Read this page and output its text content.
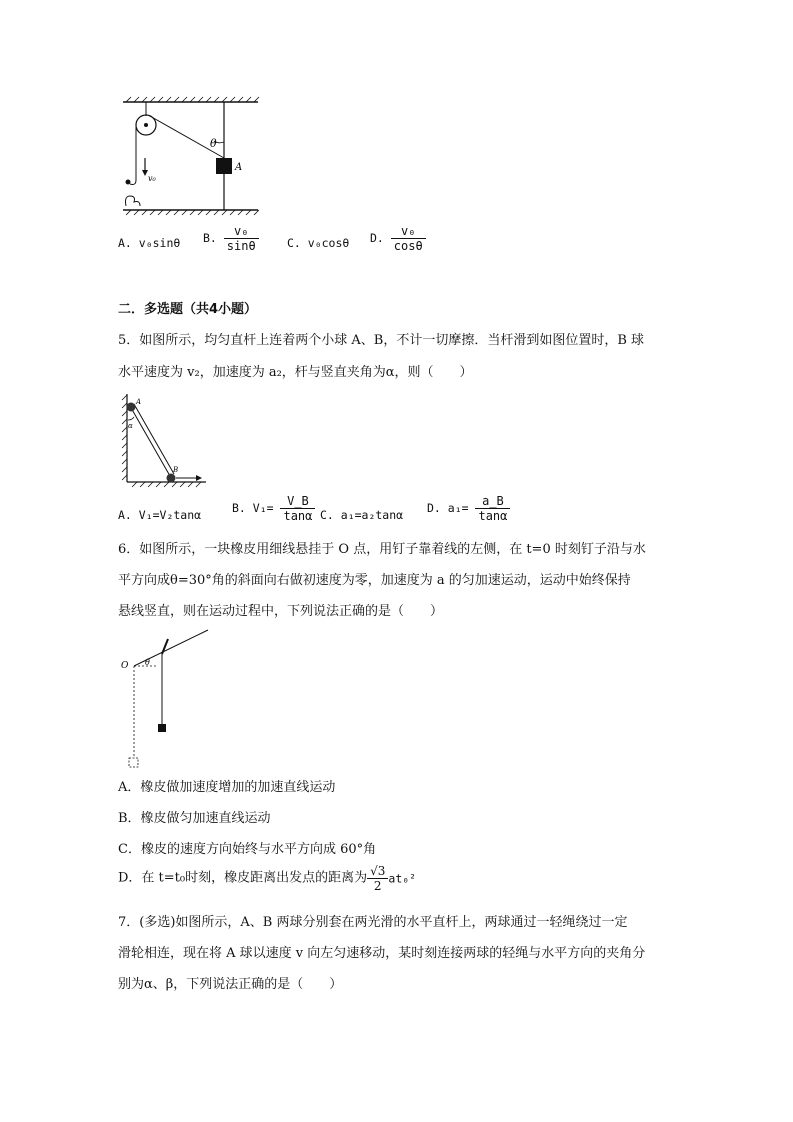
v₀
θ
A
A. v₀sinθ B. $\frac{\text{v₀}}{\sin\theta} C$. v₀cosθ D. $\frac{\text{v₀}}{\cos\theta}$
二．多选题（共4小题）
5．如图所示，均匀直杆上连着两个小球 A、B，不计一切摩擦．当杆滑到如图位置时，B 球
水平速度为 v₂，加速度为 a₂，杆与竖直夹角为α，则（　　）
α
A
B
A. V₁=V₂tanα	B. $V_1= \frac{V\_B}{\tan\alpha} C$. a₁=a₂tanα D. $a_1= \frac{a\_B}{\tan\alpha}$
6．如图所示，一块橡皮用细线悬挂于 O 点，用钉子靠着线的左侧，在 t=0 时刻钉子沿与水
平方向成θ=30°角的斜面向右做初速度为零，加速度为 a 的匀加速运动，运动中始终保持
悬线竖直，则在运动过程中，下列说法正确的是（　　）
O θ
A．橡皮做加速度增加的加速直线运动
B．橡皮做匀加速直线运动
C．橡皮的速度方向始终与水平方向成 60°角
D．在 t=t₀时刻，橡皮距离出发点的距离为 $\frac{√3}{2} at_0^2$
7．(多选)如图所示，A、B 两球分别套在两光滑的水平直杆上，两球通过一轻绳绕过一定
滑轮相连，现在将 A 球以速度 v 向左匀速移动，某时刻连接两球的轻绳与水平方向的夹角分
别为α、β，下列说法正确的是（　　）
